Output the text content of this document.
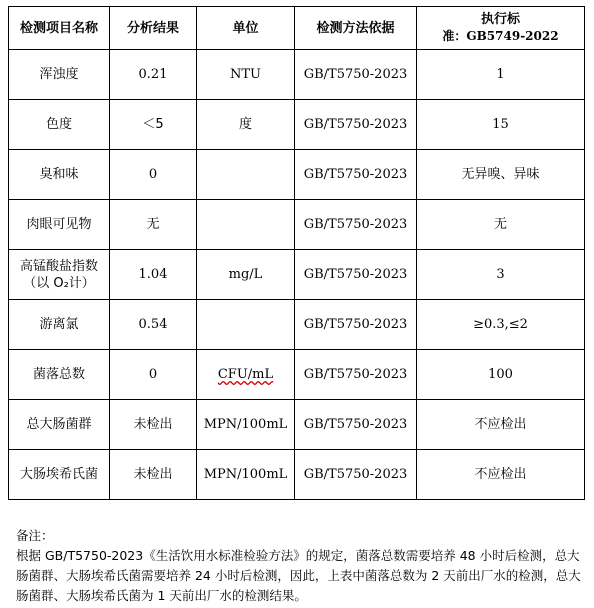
检测项目名称	分析结果	单位	检测方法依据	执行标
准：GB5749-2022

浑浊度	0.21	NTU	GB/T5750-2023	1
色度	＜5	度	GB/T5750-2023	15
臭和味	0		GB/T5750-2023	无异嗅、异味
肉眼可见物	无		GB/T5750-2023	无

高锰酸盐指数
（以 O₂计）	1.04	mg/L	GB/T5750-2023	3
游离氯	0.54		GB/T5750-2023	≥0.3,≤2
菌落总数	0	CFU/mL	GB/T5750-2023	100
总大肠菌群	未检出	MPN/100mL	GB/T5750-2023	不应检出
大肠埃希氏菌	未检出	MPN/100mL	GB/T5750-2023	不应检出

备注：

根据 GB/T5750-2023《生活饮用水标准检验方法》的规定，菌落总数需要培养 48 小时后检测，总大肠菌群、大肠埃希氏菌需要培养 24 小时后检测，因此，上表中菌落总数为 2 天前出厂水的检测，总大肠菌群、大肠埃希氏菌为 1 天前出厂水的检测结果。
